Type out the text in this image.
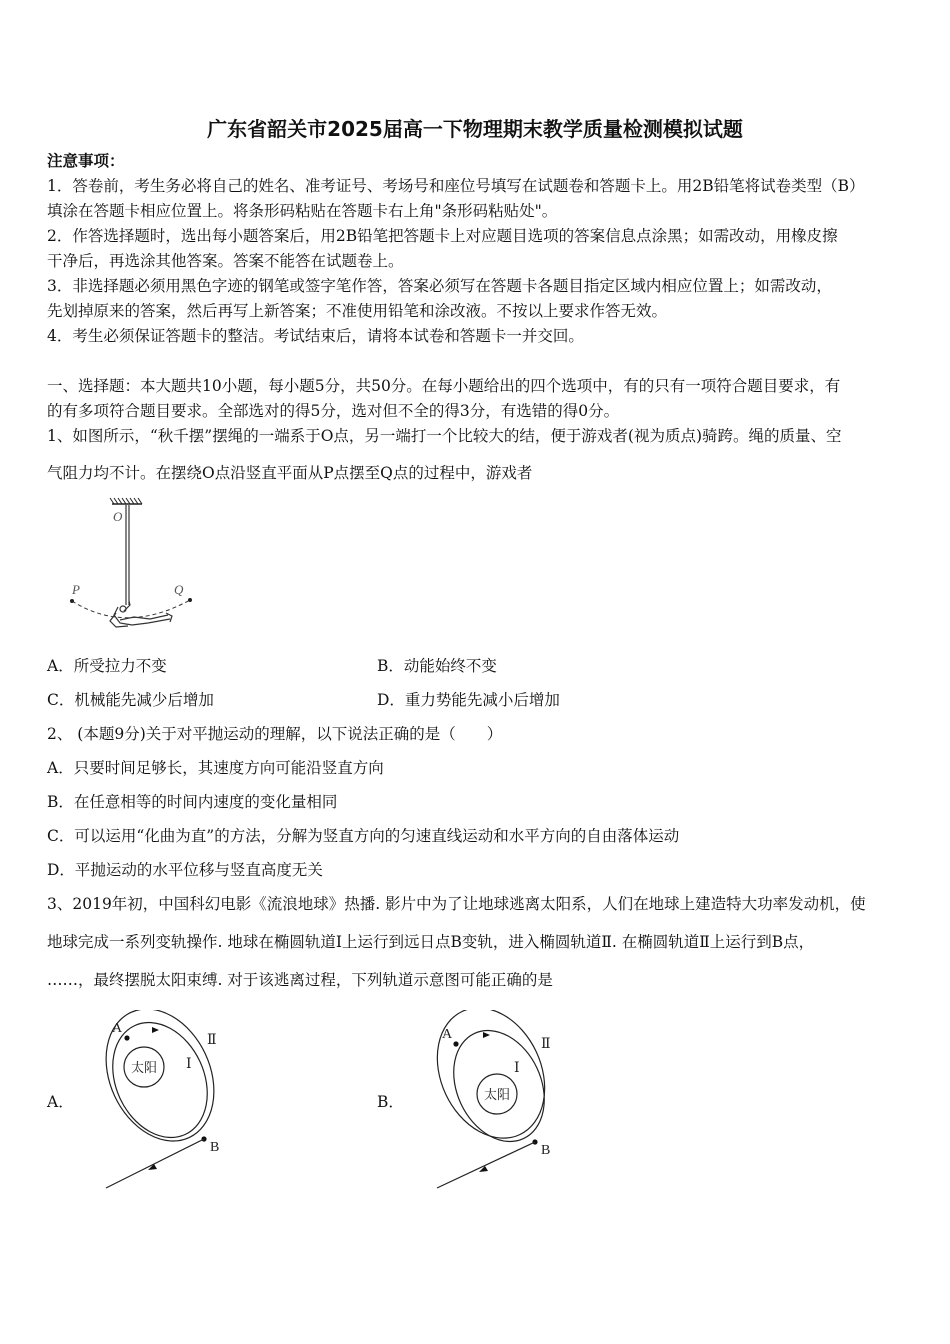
广东省韶关市2025届高一下物理期末教学质量检测模拟试题
注意事项：
1．答卷前，考生务必将自己的姓名、准考证号、考场号和座位号填写在试题卷和答题卡上。用2B铅笔将试卷类型（B）
填涂在答题卡相应位置上。将条形码粘贴在答题卡右上角"条形码粘贴处"。
2．作答选择题时，选出每小题答案后，用2B铅笔把答题卡上对应题目选项的答案信息点涂黑；如需改动，用橡皮擦
干净后，再选涂其他答案。答案不能答在试题卷上。
3．非选择题必须用黑色字迹的钢笔或签字笔作答，答案必须写在答题卡各题目指定区域内相应位置上；如需改动，
先划掉原来的答案，然后再写上新答案；不准使用铅笔和涂改液。不按以上要求作答无效。
4．考生必须保证答题卡的整洁。考试结束后，请将本试卷和答题卡一并交回。
一、选择题：本大题共10小题，每小题5分，共50分。在每小题给出的四个选项中，有的只有一项符合题目要求，有
的有多项符合题目要求。全部选对的得5分，选对但不全的得3分，有选错的得0分。
1、如图所示，“秋千摆”摆绳的一端系于O点，另一端打一个比较大的结，便于游戏者(视为质点)骑跨。绳的质量、空
气阻力均不计。在摆绕O点沿竖直平面从P点摆至Q点的过程中，游戏者
O
P	Q
A．所受拉力不变	B．动能始终不变
C．机械能先减少后增加	D．重力势能先减小后增加
2、 (本题9分)关于对平抛运动的理解，以下说法正确的是（　　）
A．只要时间足够长，其速度方向可能沿竖直方向
B．在任意相等的时间内速度的变化量相同
C．可以运用“化曲为直”的方法，分解为竖直方向的匀速直线运动和水平方向的自由落体运动
D．平抛运动的水平位移与竖直高度无关
3、2019年初，中国科幻电影《流浪地球》热播. 影片中为了让地球逃离太阳系，人们在地球上建造特大功率发动机，使
地球完成一系列变轨操作. 地球在椭圆轨道Ⅰ上运行到远日点B变轨，进入椭圆轨道Ⅱ. 在椭圆轨道Ⅱ上运行到B点，
……，最终摆脱太阳束缚. 对于该逃离过程，下列轨道示意图可能正确的是
A．
太阳
A
B
Ⅰ
Ⅱ
B．	太阳
A
B
Ⅰ
Ⅱ
